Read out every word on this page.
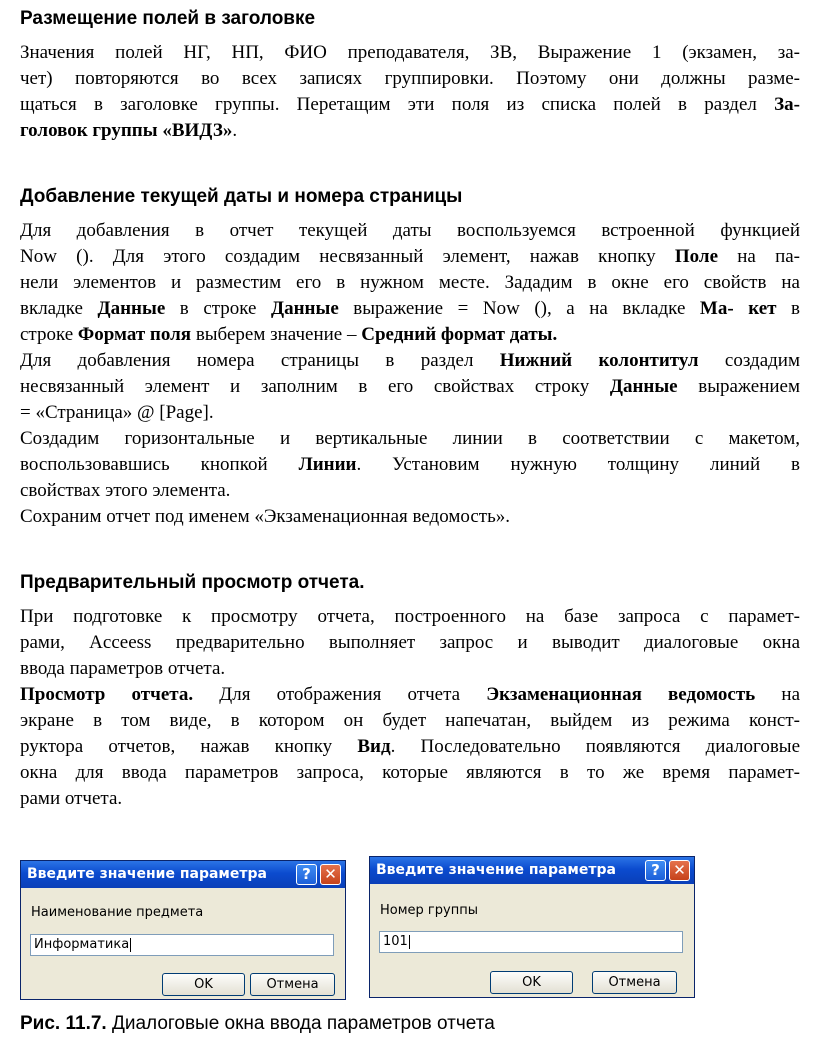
Размещение полей в заголовке

Значения полей НГ, НП, ФИО преподавателя, ЗВ, Выражение 1 (экзамен, за-
чет) повторяются во всех записях группировки. Поэтому они должны разме-
щаться в заголовке группы. Перетащим эти поля из списка полей в раздел За-
головок группы «ВИДЗ».

Добавление текущей даты и номера страницы

Для добавления в отчет текущей даты воспользуемся встроенной функцией
Now (). Для этого создадим несвязанный элемент, нажав кнопку Поле на па-
нели элементов и разместим его в нужном месте. Зададим в окне его свойств на
вкладке Данные в строке Данные выражение = Now (), а на вкладке Ма- кет в
строке Формат поля выберем значение – Средний формат даты.

Для добавления номера страницы в раздел Нижний колонтитул создадим
несвязанный элемент и заполним в его свойствах строку Данные выражением
= «Страница» @ [Page].

Создадим горизонтальные и вертикальные линии в соответствии с макетом,
воспользовавшись кнопкой Линии. Установим нужную толщину линий в
свойствах этого элемента.

Сохраним отчет под именем «Экзаменационная ведомость».

Предварительный просмотр отчета.

При подготовке к просмотру отчета, построенного на базе запроса с парамет-
рами, Acceess предварительно выполняет запрос и выводит диалоговые окна
ввода параметров отчета.

Просмотр отчета. Для отображения отчета Экзаменационная ведомость на
экране в том виде, в котором он будет напечатан, выйдем из режима конст-
руктора отчетов, нажав кнопку Вид. Последовательно появляются диалоговые
окна для ввода параметров запроса, которые являются в то же время парамет-
рами отчета.

Введите значение параметра	? ✕
Наименование предмета
Информатика
OK	Отмена
Введите значение параметра	? ✕
Номер группы
101
OK	Отмена
Рис. 11.7. Диалоговые окна ввода параметров отчета
